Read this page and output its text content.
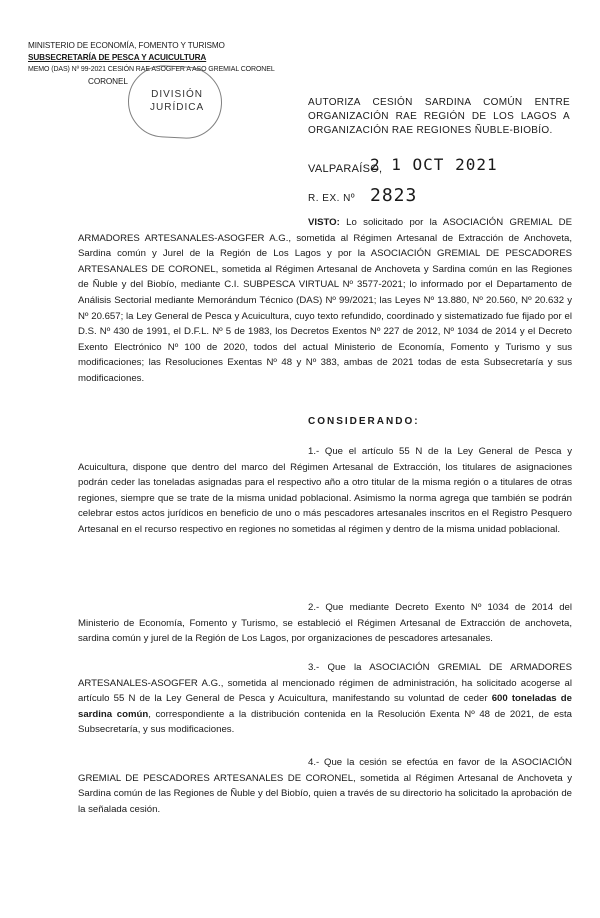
MINISTERIO DE ECONOMÍA, FOMENTO Y TURISMO
SUBSECRETARÍA DE PESCA Y ACUICULTURA
MEMO (DAS) Nº 99-2021 CESIÓN RAE ASOGFER A ASO GREMIAL CORONEL
CORONEL
DIVISIÓN
JURÍDICA	AUTORIZA CESIÓN SARDINA COMÚN ENTRE ORGANIZACIÓN RAE REGIÓN DE LOS LAGOS A ORGANIZACIÓN RAE REGIONES ÑUBLE-BIOBÍO.
VALPARAÍSO,
2 1 OCT 2021
R. EX. Nº 2823
VISTO: Lo solicitado por la ASOCIACIÓN GREMIAL DE ARMADORES ARTESANALES-ASOGFER A.G., sometida al Régimen Artesanal de Extracción de Anchoveta, Sardina común y Jurel de la Región de Los Lagos y por la ASOCIACIÓN GREMIAL DE PESCADORES ARTESANALES DE CORONEL, sometida al Régimen Artesanal de Anchoveta y Sardina común en las Regiones de Ñuble y del Biobío, mediante C.I. SUBPESCA VIRTUAL Nº 3577-2021; lo informado por el Departamento de Análisis Sectorial mediante Memorándum Técnico (DAS) Nº 99/2021; las Leyes Nº 13.880, Nº 20.560, Nº 20.632 y Nº 20.657; la Ley General de Pesca y Acuicultura, cuyo texto refundido, coordinado y sistematizado fue fijado por el D.S. Nº 430 de 1991, el D.F.L. Nº 5 de 1983, los Decretos Exentos Nº 227 de 2012, Nº 1034 de 2014 y el Decreto Exento Electrónico Nº 100 de 2020, todos del actual Ministerio de Economía, Fomento y Turismo y sus modificaciones; las Resoluciones Exentas Nº 48 y Nº 383, ambas de 2021 todas de esta Subsecretaría y sus modificaciones.
CONSIDERANDO:
1.- Que el artículo 55 N de la Ley General de Pesca y Acuicultura, dispone que dentro del marco del Régimen Artesanal de Extracción, los titulares de asignaciones podrán ceder las toneladas asignadas para el respectivo año a otro titular de la misma región o a titulares de otras regiones, siempre que se trate de la misma unidad poblacional. Asimismo la norma agrega que también se podrán celebrar estos actos jurídicos en beneficio de uno o más pescadores artesanales inscritos en el Registro Pesquero Artesanal en el recurso respectivo en regiones no sometidas al régimen y dentro de la misma unidad poblacional.
2.- Que mediante Decreto Exento Nº 1034 de 2014 del Ministerio de Economía, Fomento y Turismo, se estableció el Régimen Artesanal de Extracción de anchoveta, sardina común y jurel de la Región de Los Lagos, por organizaciones de pescadores artesanales.
3.- Que la ASOCIACIÓN GREMIAL DE ARMADORES ARTESANALES-ASOGFER A.G., sometida al mencionado régimen de administración, ha solicitado acogerse al artículo 55 N de la Ley General de Pesca y Acuicultura, manifestando su voluntad de ceder 600 toneladas de sardina común, correspondiente a la distribución contenida en la Resolución Exenta Nº 48 de 2021, de esta Subsecretaría, y sus modificaciones.
4.- Que la cesión se efectúa en favor de la ASOCIACIÓN GREMIAL DE PESCADORES ARTESANALES DE CORONEL, sometida al Régimen Artesanal de Anchoveta y Sardina común de las Regiones de Ñuble y del Biobío, quien a través de su directorio ha solicitado la aprobación de la señalada cesión.
